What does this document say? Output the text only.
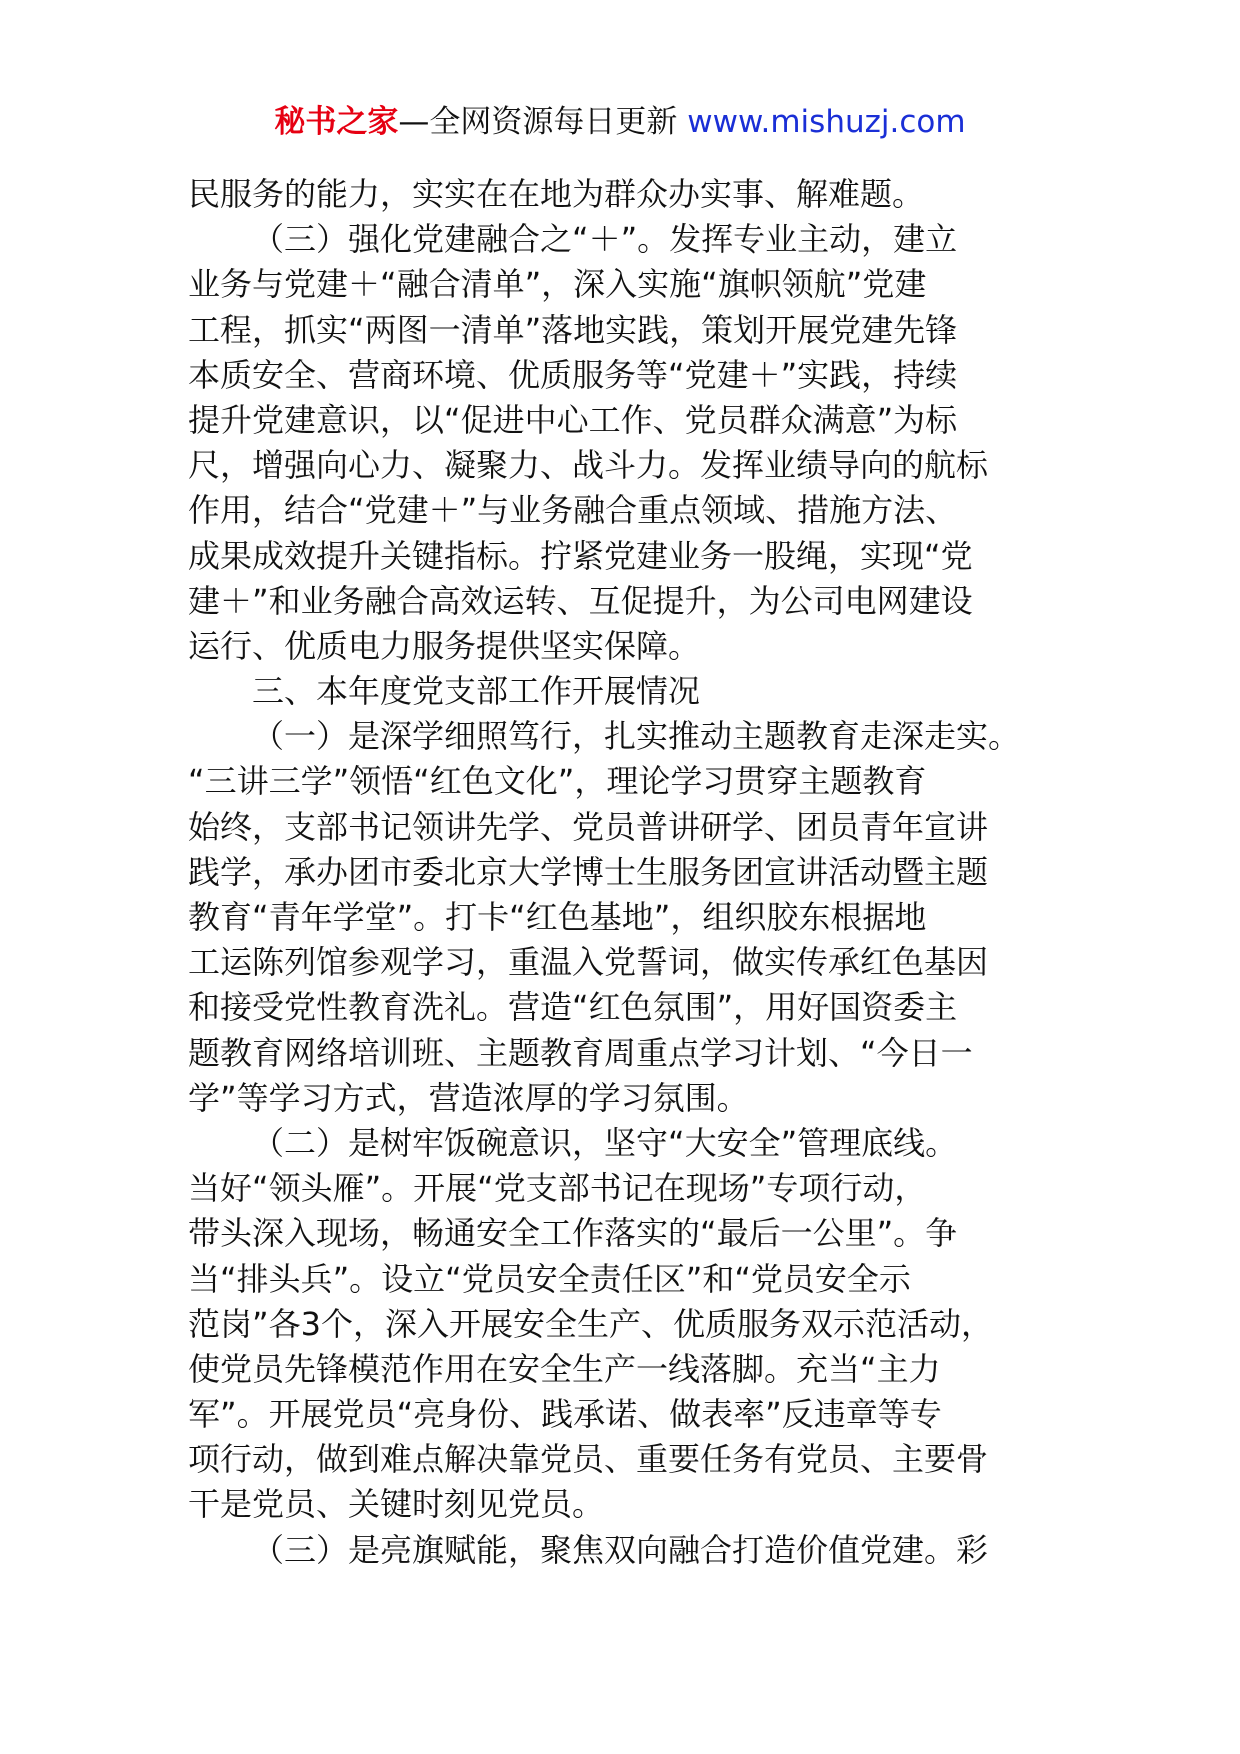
秘书之家—全网资源每日更新 www.mishuzj.com
民服务的能力，实实在在地为群众办实事、解难题。
（三）强化党建融合之“＋”。发挥专业主动，建立
业务与党建＋“融合清单”，深入实施“旗帜领航”党建
工程，抓实“两图一清单”落地实践，策划开展党建先锋
本质安全、营商环境、优质服务等“党建＋”实践，持续
提升党建意识，以“促进中心工作、党员群众满意”为标
尺，增强向心力、凝聚力、战斗力。发挥业绩导向的航标
作用，结合“党建＋”与业务融合重点领域、措施方法、
成果成效提升关键指标。拧紧党建业务一股绳，实现“党
建＋”和业务融合高效运转、互促提升，为公司电网建设
运行、优质电力服务提供坚实保障。
三、本年度党支部工作开展情况
（一）是深学细照笃行，扎实推动主题教育走深走实。
“三讲三学”领悟“红色文化”，理论学习贯穿主题教育
始终，支部书记领讲先学、党员普讲研学、团员青年宣讲
践学，承办团市委北京大学博士生服务团宣讲活动暨主题
教育“青年学堂”。打卡“红色基地”，组织胶东根据地
工运陈列馆参观学习，重温入党誓词，做实传承红色基因
和接受党性教育洗礼。营造“红色氛围”，用好国资委主
题教育网络培训班、主题教育周重点学习计划、“今日一
学”等学习方式，营造浓厚的学习氛围。
（二）是树牢饭碗意识，坚守“大安全”管理底线。
当好“领头雁”。开展“党支部书记在现场”专项行动，
带头深入现场，畅通安全工作落实的“最后一公里”。争
当“排头兵”。设立“党员安全责任区”和“党员安全示
范岗”各3个，深入开展安全生产、优质服务双示范活动，
使党员先锋模范作用在安全生产一线落脚。充当“主力
军”。开展党员“亮身份、践承诺、做表率”反违章等专
项行动，做到难点解决靠党员、重要任务有党员、主要骨
干是党员、关键时刻见党员。
（三）是亮旗赋能，聚焦双向融合打造价值党建。彩
